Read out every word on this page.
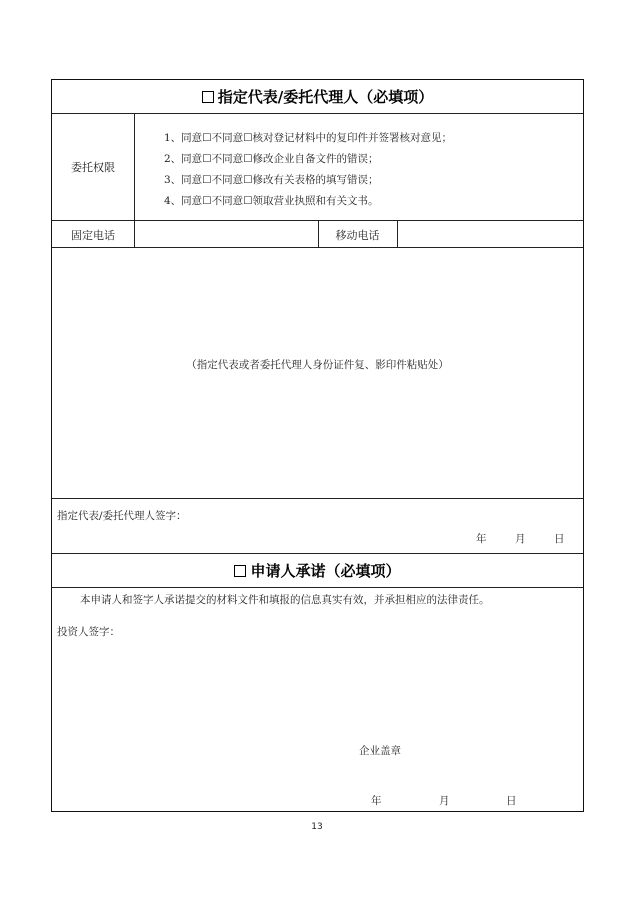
指定代表/委托代理人（必填项）
委托权限
1、同意☐不同意☐核对登记材料中的复印件并签署核对意见；
2、同意☐不同意☐修改企业自备文件的错误；
3、同意☐不同意☐修改有关表格的填写错误；
4、同意☐不同意☐领取营业执照和有关文书。
固定电话	移动电话
（指定代表或者委托代理人身份证件复、影印件粘贴处）
指定代表/委托代理人签字：
年	月	日
申请人承诺（必填项）
本申请人和签字人承诺提交的材料文件和填报的信息真实有效，并承担相应的法律责任。
投资人签字：
企业盖章
年	月	日
13
